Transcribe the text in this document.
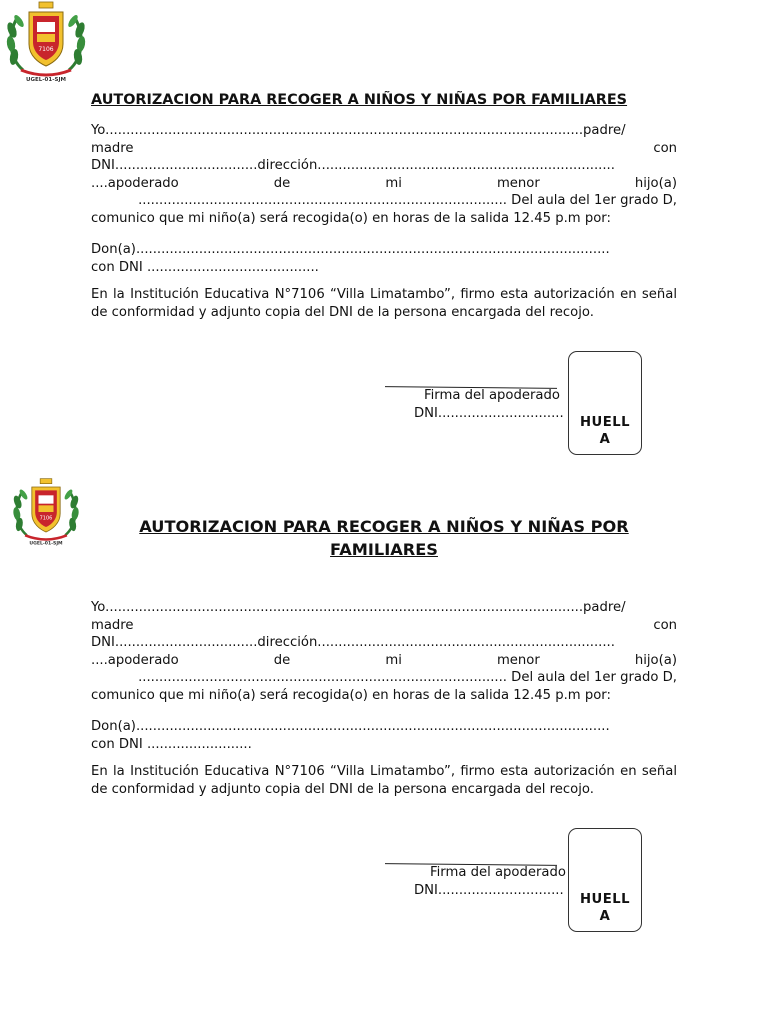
7106
UGEL-01-SJM
AUTORIZACION PARA RECOGER A NIÑOS Y NIÑAS POR FAMILIARES
Yo..................................................................................................................padre/
madre	con
DNI..................................dirección.......................................................................
....apoderado	de	mi	menor	hijo(a)
........................................................................................ Del aula del 1er grado D,
comunico que mi niño(a) será recogida(o) en horas de la salida 12.45 p.m por:
Don(a).................................................................................................................
con DNI .........................................
En la Institución Educativa N°7106 “Villa Limatambo”, firmo esta autorización en señal de conformidad y adjunto copia del DNI de la persona encargada del recojo.
Firma del apoderado
DNI..............................
HUELL
A
7106
UGEL-01-SJM
AUTORIZACION PARA RECOGER A NIÑOS Y NIÑAS POR
FAMILIARES
Yo..................................................................................................................padre/
madre	con
DNI..................................dirección.......................................................................
....apoderado	de	mi	menor	hijo(a)
........................................................................................ Del aula del 1er grado D,
comunico que mi niño(a) será recogida(o) en horas de la salida 12.45 p.m por:
Don(a).................................................................................................................
con DNI .........................
En la Institución Educativa N°7106 “Villa Limatambo”, firmo esta autorización en señal de conformidad y adjunto copia del DNI de la persona encargada del recojo.
Firma del apoderado
DNI..............................
HUELL
A
